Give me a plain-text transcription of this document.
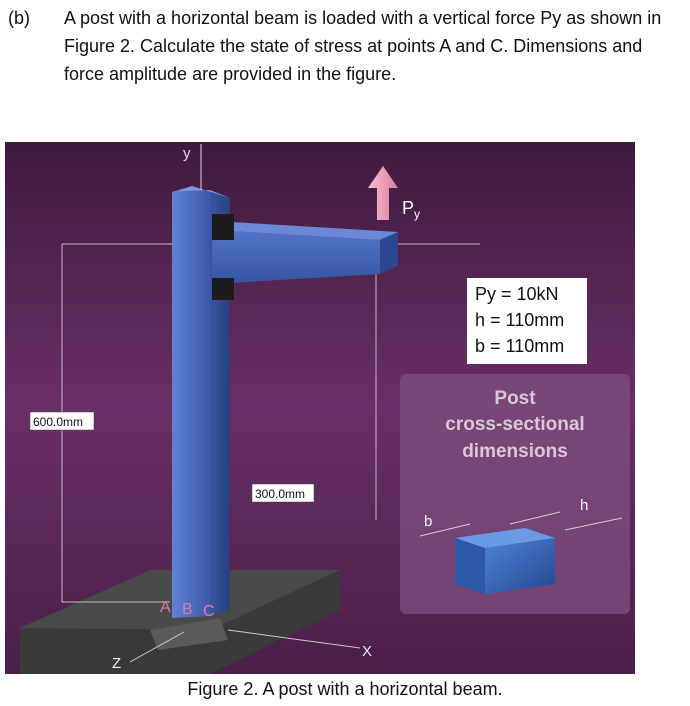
(b) A post with a horizontal beam is loaded with a vertical force Py as shown in Figure 2. Calculate the state of stress at points A and C. Dimensions and force amplitude are provided in the figure.
y
X
Z
$P_y$
Py = 10kN
h = 110mm
b = 110mm
600.0mm
300.0mm
A B C
Post
cross-sectional
dimensions
b
h
Figure 2. A post with a horizontal beam.
